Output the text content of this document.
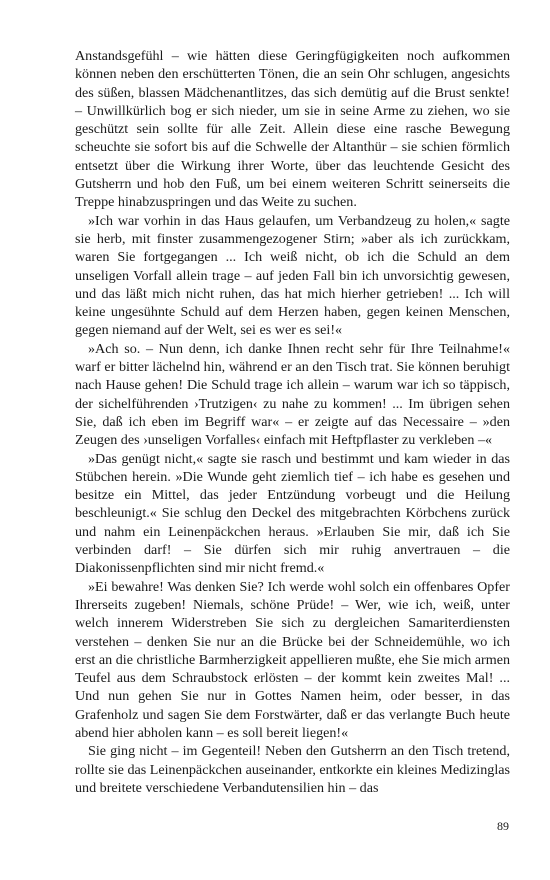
Anstandsgefühl – wie hätten diese Geringfügigkeiten noch aufkommen können neben den erschütterten Tönen, die an sein Ohr schlugen, angesichts des süßen, blassen Mädchenantlitzes, das sich demütig auf die Brust senkte! – Unwillkürlich bog er sich nieder, um sie in seine Arme zu ziehen, wo sie geschützt sein sollte für alle Zeit. Allein diese eine rasche Bewegung scheuchte sie sofort bis auf die Schwelle der Altanthür – sie schien förmlich entsetzt über die Wirkung ihrer Worte, über das leuchtende Gesicht des Gutsherrn und hob den Fuß, um bei einem weiteren Schritt seinerseits die Treppe hinabzuspringen und das Weite zu suchen.

»Ich war vorhin in das Haus gelaufen, um Verbandzeug zu holen,« sagte sie herb, mit finster zusammengezogener Stirn; »aber als ich zurückkam, waren Sie fortgegangen ... Ich weiß nicht, ob ich die Schuld an dem unseligen Vorfall allein trage – auf jeden Fall bin ich unvorsichtig gewesen, und das läßt mich nicht ruhen, das hat mich hierher getrieben! ... Ich will keine ungesühnte Schuld auf dem Herzen haben, gegen keinen Menschen, gegen niemand auf der Welt, sei es wer es sei!«

»Ach so. – Nun denn, ich danke Ihnen recht sehr für Ihre Teilnahme!« warf er bitter lächelnd hin, während er an den Tisch trat. Sie können beruhigt nach Hause gehen! Die Schuld trage ich allein – warum war ich so täppisch, der sichelführenden ›Trutzigen‹ zu nahe zu kommen! ... Im übrigen sehen Sie, daß ich eben im Begriff war« – er zeigte auf das Necessaire – »den Zeugen des ›unseligen Vorfalles‹ einfach mit Heftpflaster zu verkleben –«

»Das genügt nicht,« sagte sie rasch und bestimmt und kam wieder in das Stübchen herein. »Die Wunde geht ziemlich tief – ich habe es gesehen und besitze ein Mittel, das jeder Entzündung vorbeugt und die Heilung beschleunigt.« Sie schlug den Deckel des mitgebrachten Körbchens zurück und nahm ein Leinenpäckchen heraus. »Erlauben Sie mir, daß ich Sie verbinden darf! – Sie dürfen sich mir ruhig anvertrauen – die Diakonissenpflichten sind mir nicht fremd.«

»Ei bewahre! Was denken Sie? Ich werde wohl solch ein offenbares Opfer Ihrerseits zugeben! Niemals, schöne Prüde! – Wer, wie ich, weiß, unter welch innerem Widerstreben Sie sich zu dergleichen Samariterdiensten verstehen – denken Sie nur an die Brücke bei der Schneidemühle, wo ich erst an die christliche Barmherzigkeit appellieren mußte, ehe Sie mich armen Teufel aus dem Schraubstock erlösten – der kommt kein zweites Mal! ... Und nun gehen Sie nur in Gottes Namen heim, oder besser, in das Grafenholz und sagen Sie dem Forstwärter, daß er das verlangte Buch heute abend hier abholen kann – es soll bereit liegen!«

Sie ging nicht – im Gegenteil! Neben den Gutsherrn an den Tisch tretend, rollte sie das Leinenpäckchen auseinander, entkorkte ein kleines Medizinglas und breitete verschiedene Verbandutensilien hin – das

89
